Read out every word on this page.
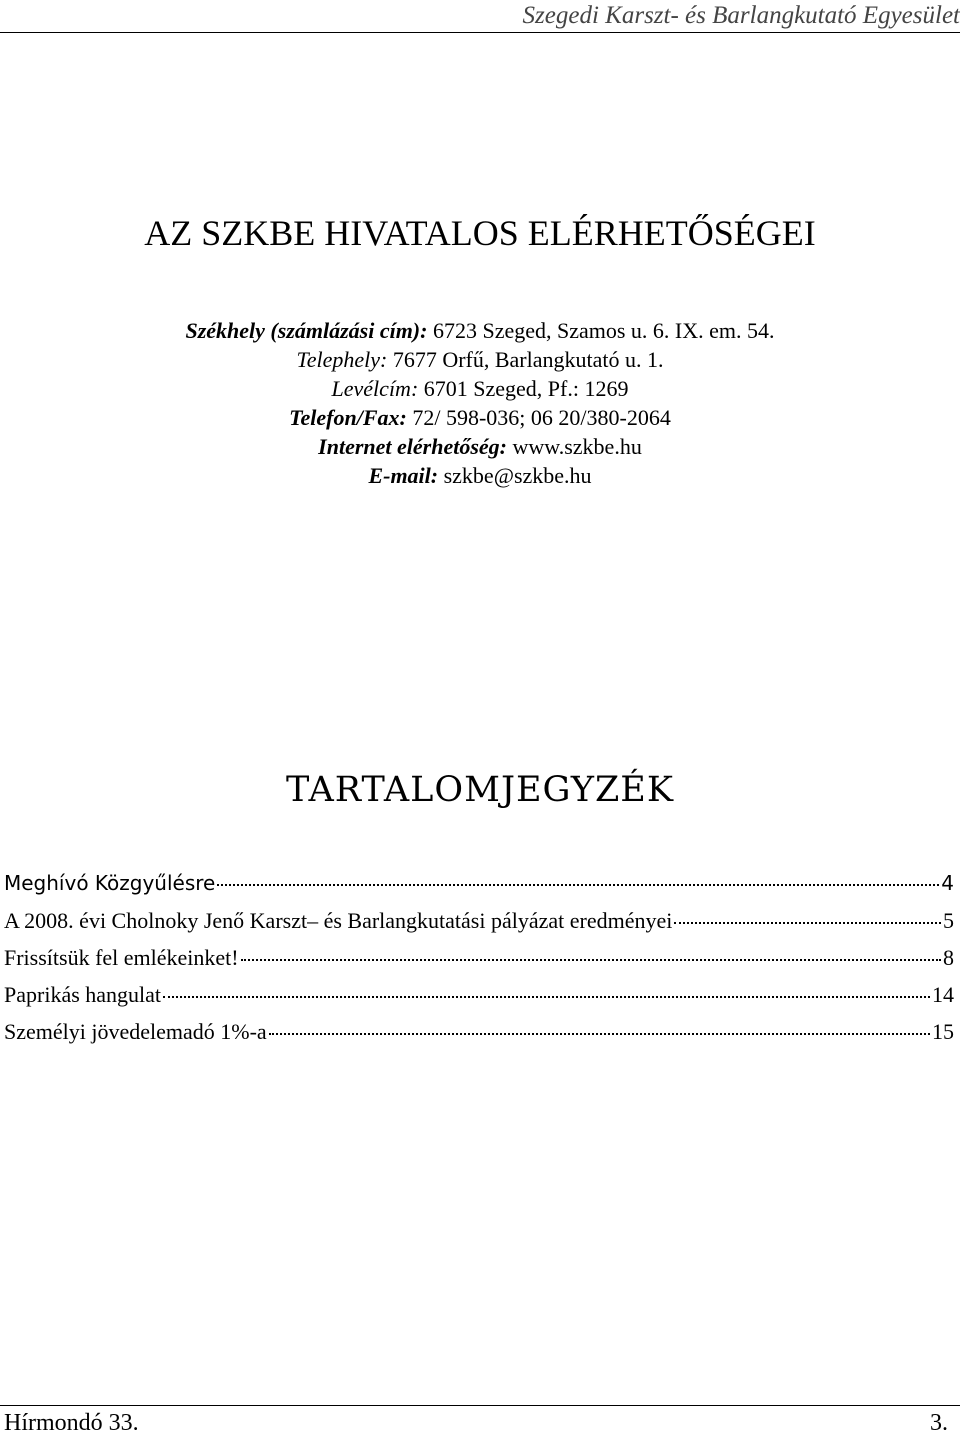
Szegedi Karszt- és Barlangkutató Egyesület
AZ SZKBE HIVATALOS ELÉRHETŐSÉGEI
Székhely (számlázási cím): 6723 Szeged, Szamos u. 6. IX. em. 54.
Telephely: 7677 Orfű, Barlangkutató u. 1.
Levélcím: 6701 Szeged, Pf.: 1269
Telefon/Fax: 72/ 598-036; 06 20/380-2064
Internet elérhetőség: www.szkbe.hu
E-mail: szkbe@szkbe.hu
TARTALOMJEGYZÉK
Meghívó Közgyűlésre	4
A 2008. évi Cholnoky Jenő Karszt– és Barlangkutatási pályázat eredményei	5
Frissítsük fel emlékeinket!	8
Paprikás hangulat	14
Személyi jövedelemadó 1%-a	15
Hírmondó 33.	3.
